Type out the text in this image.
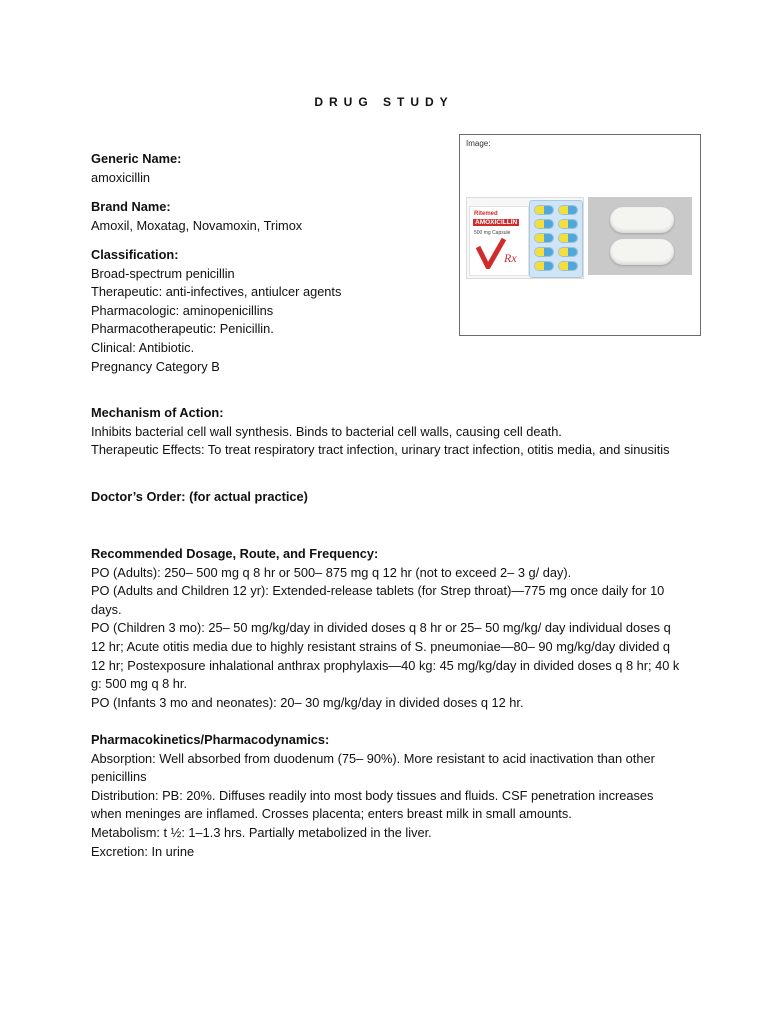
DRUG STUDY
Generic Name:
amoxicillin
Brand Name:
Amoxil, Moxatag, Novamoxin, Trimox
Classification:
Broad-spectrum penicillin
Therapeutic: anti-infectives, antiulcer agents
Pharmacologic: aminopenicillins
Pharmacotherapeutic: Penicillin.
Clinical: Antibiotic.
Pregnancy Category B
Image:
Ritemed
AMOXICILLIN
500 mg Capsule
Rx
Mechanism of Action:
Inhibits bacterial cell wall synthesis. Binds to bacterial cell walls, causing cell death.
Therapeutic Effects: To treat respiratory tract infection, urinary tract infection, otitis media, and sinusitis
Doctor’s Order: (for actual practice)
Recommended Dosage, Route, and Frequency:
PO (Adults): 250– 500 mg q 8 hr or 500– 875 mg q 12 hr (not to exceed 2– 3 g/ day).
PO (Adults and Children 12 yr): Extended-release tablets (for Strep throat)—775 mg once daily for 10 days.
PO (Children 3 mo): 25– 50 mg/kg/day in divided doses q 8 hr or 25– 50 mg/kg/ day individual doses q 12 hr; Acute otitis media due to highly resistant strains of S. pneumoniae—80– 90 mg/kg/day divided q 12 hr; Postexposure inhalational anthrax prophylaxis—40 kg: 45 mg/kg/day in divided doses q 8 hr; 40 k g: 500 mg q 8 hr.
PO (Infants 3 mo and neonates): 20– 30 mg/kg/day in divided doses q 12 hr.
Pharmacokinetics/Pharmacodynamics:
Absorption: Well absorbed from duodenum (75– 90%). More resistant to acid inactivation than other penicillins
Distribution: PB: 20%. Diffuses readily into most body tissues and fluids. CSF penetration increases when meninges are inflamed. Crosses placenta; enters breast milk in small amounts.
Metabolism: t ½: 1–1.3 hrs. Partially metabolized in the liver.
Excretion: In urine
